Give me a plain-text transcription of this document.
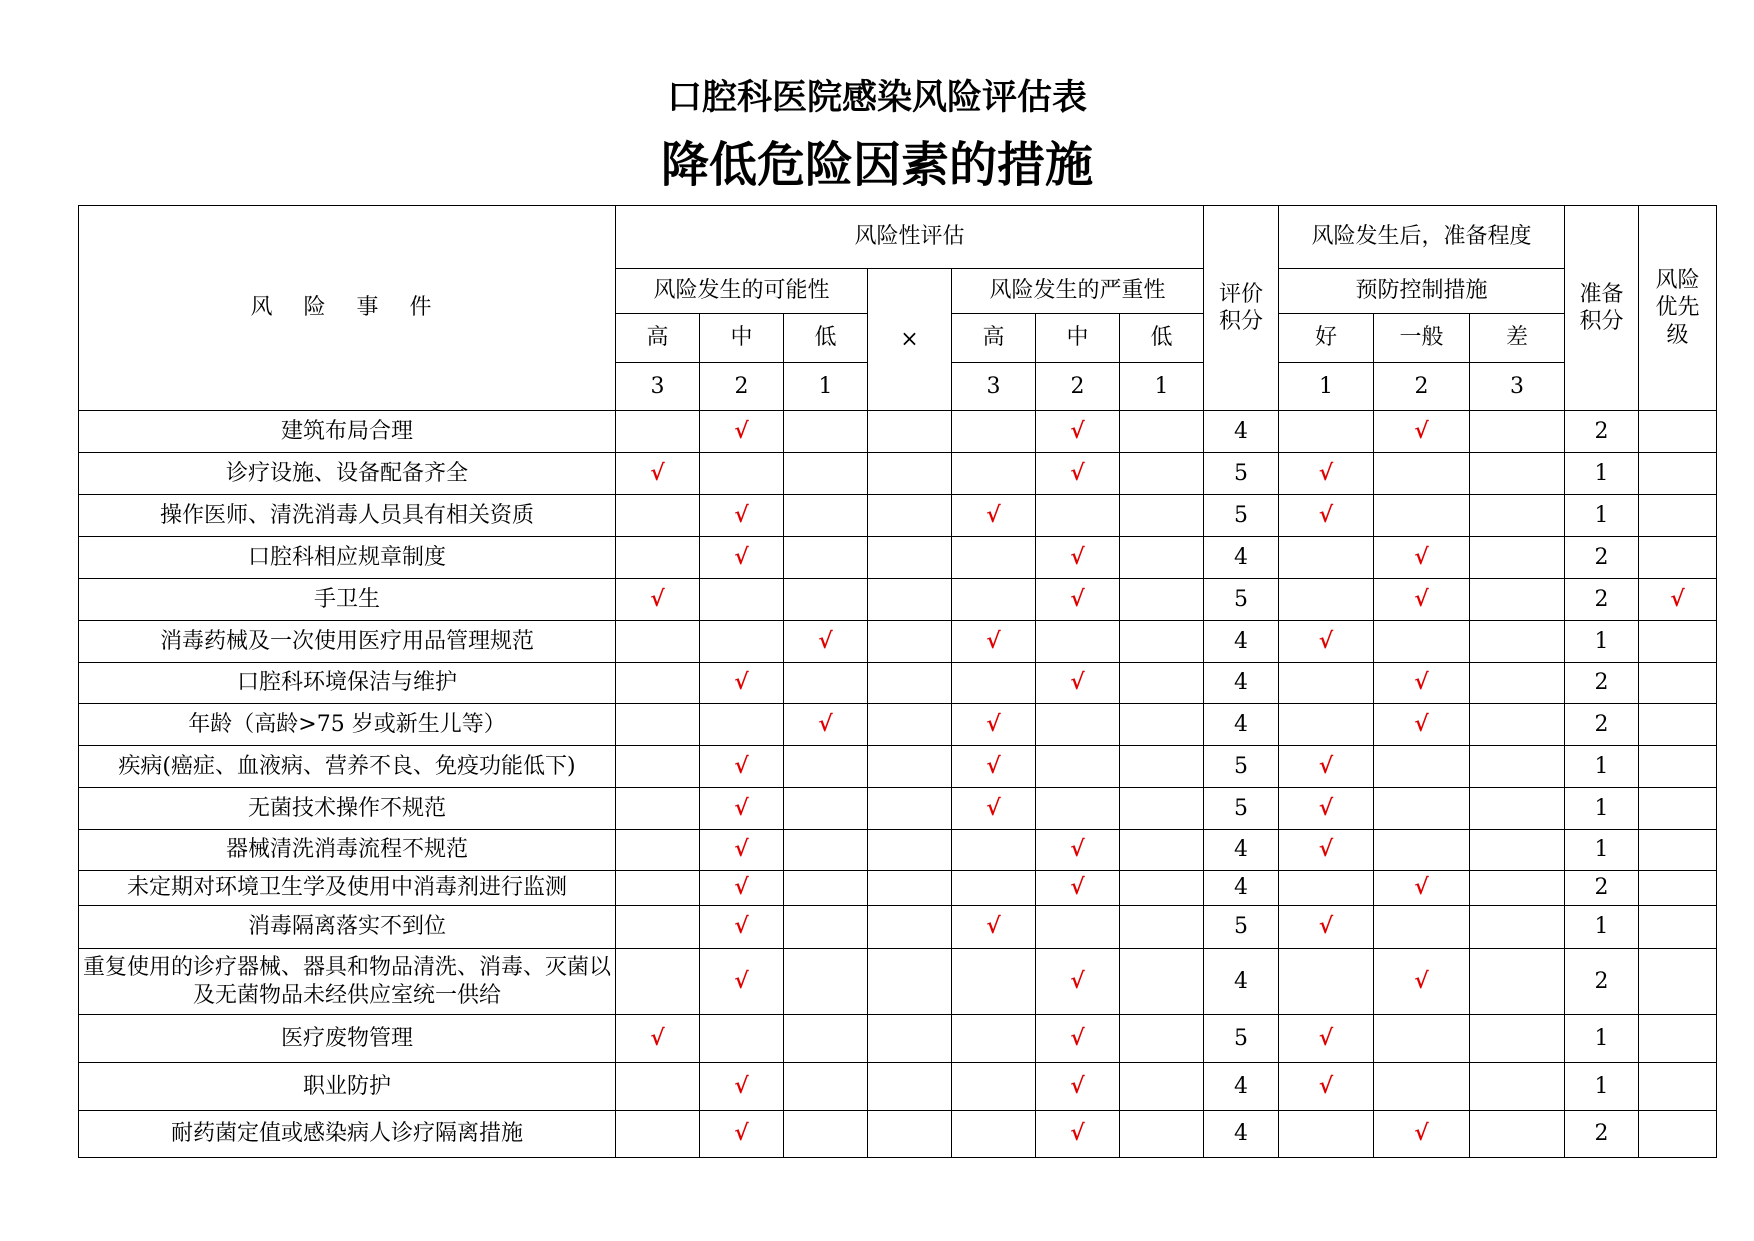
口腔科医院感染风险评估表
降低危险因素的措施
风 险 事 件	风险性评估							评价积分	风险发生后，准备程度			准备积分	风险优先级

	风险发生的可能性			×	风险发生的严重性				预防控制措施				
	高	中	低		高	中	低		好	一般	差		
	3	2	1		3	2	1		1	2	3		
建筑布局合理		√				√		4		√		2	
诊疗设施、设备配备齐全	√					√		5	√			1	
操作医师、清洗消毒人员具有相关资质		√			√			5	√			1	
口腔科相应规章制度		√				√		4		√		2	
手卫生	√					√		5		√		2	√
消毒药械及一次使用医疗用品管理规范			√		√			4	√			1	
口腔科环境保洁与维护		√				√		4		√		2	
年龄（高龄>75 岁或新生儿等）			√		√			4		√		2	
疾病(癌症、血液病、营养不良、免疫功能低下)		√			√			5	√			1	
无菌技术操作不规范		√			√			5	√			1	
器械清洗消毒流程不规范		√				√		4	√			1	
未定期对环境卫生学及使用中消毒剂进行监测		√				√		4		√		2	
消毒隔离落实不到位		√			√			5	√			1	
重复使用的诊疗器械、器具和物品清洗、消毒、灭菌以及无菌物品未经供应室统一供给		√				√		4		√		2	
医疗废物管理	√					√		5	√			1	
职业防护		√				√		4	√			1	
耐药菌定值或感染病人诊疗隔离措施		√				√		4		√		2	
